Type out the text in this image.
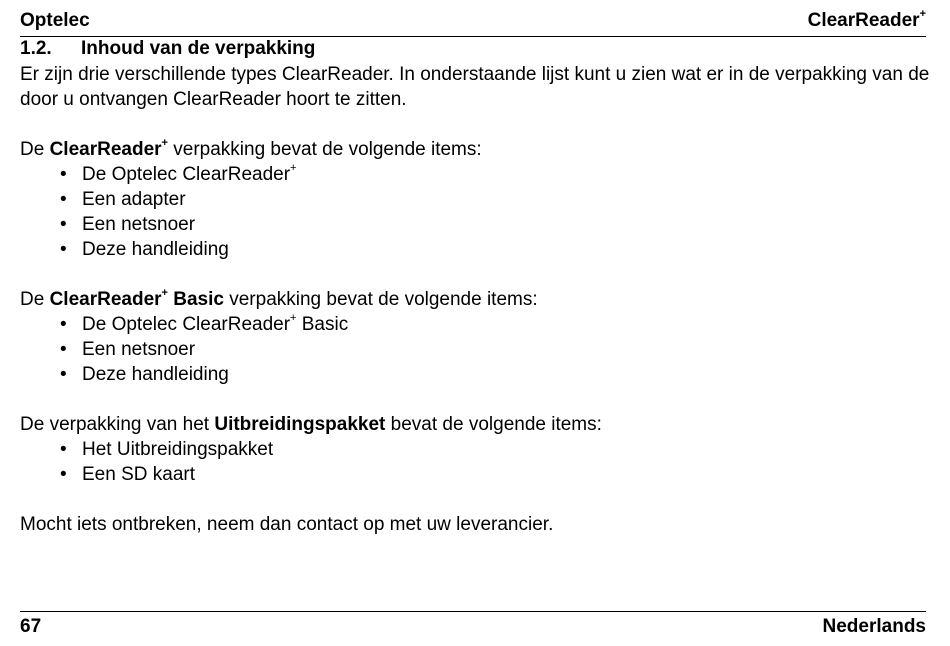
Optelec	ClearReader+
1.2.	Inhoud van de verpakking
Er zijn drie verschillende types ClearReader. In onderstaande lijst kunt u zien wat er in de verpakking van de door u ontvangen ClearReader hoort te zitten.
De ClearReader+ verpakking bevat de volgende items:
• De Optelec ClearReader+
• Een adapter
• Een netsnoer
• Deze handleiding
De ClearReader+ Basic verpakking bevat de volgende items:
• De Optelec ClearReader+ Basic
• Een netsnoer
• Deze handleiding
De verpakking van het Uitbreidingspakket bevat de volgende items:
• Het Uitbreidingspakket
• Een SD kaart
Mocht iets ontbreken, neem dan contact op met uw leverancier.
67	Nederlands
